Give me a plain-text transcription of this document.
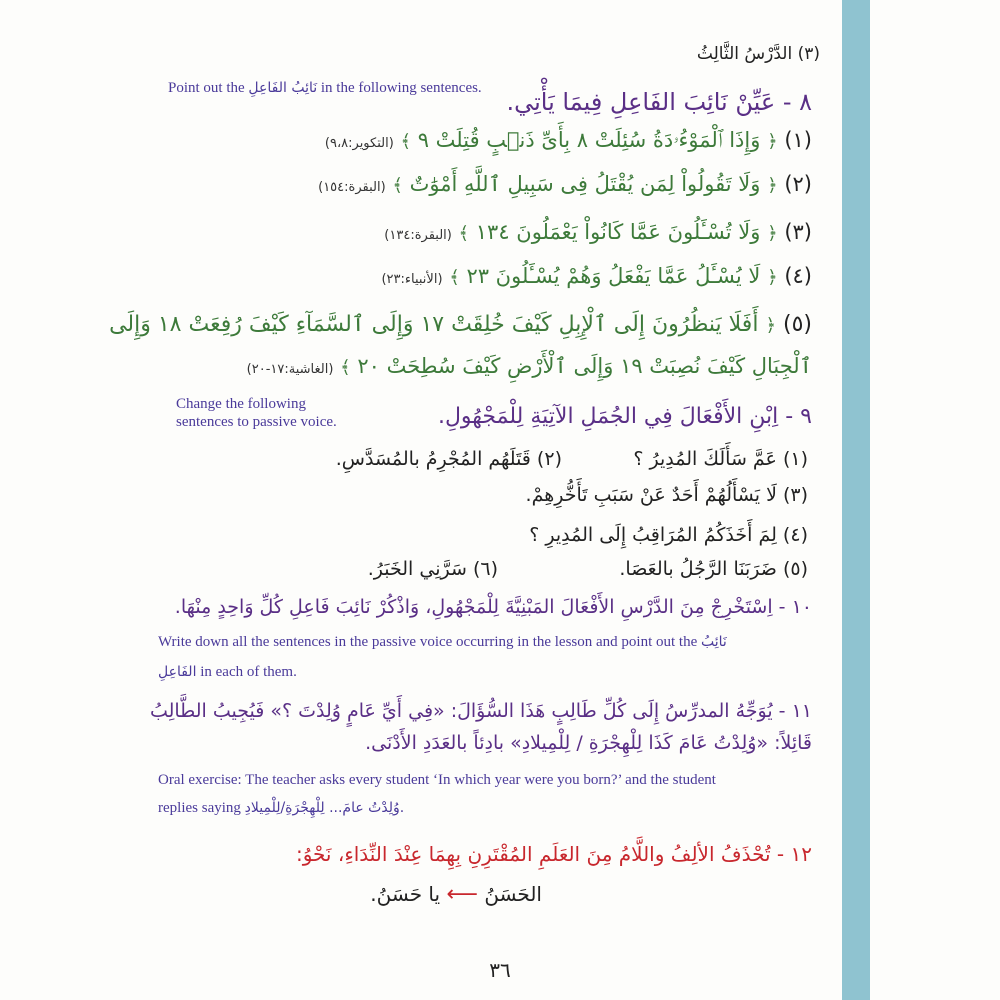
(٣) الدَّرْسُ الثَّالِثُ
Point out the نَائِبُ الفَاعِلِ in the following sentences. ٨ - عَيِّنْ نَائِبَ الفَاعِلِ فِيمَا يَأْتِي.
(١) ﴿ وَإِذَا ٱلْمَوْءُۥدَةُ سُئِلَتْ ٨ بِأَىِّ ذَنۢبٍ قُتِلَتْ ٩ ﴾ (التكوير:٩،٨)
(٢) ﴿ وَلَا تَقُولُواْ لِمَن يُقْتَلُ فِى سَبِيلِ ٱللَّهِ أَمْوَٰتٌ ﴾ (البقرة:١٥٤)
(٣) ﴿ وَلَا تُسْـَٔلُونَ عَمَّا كَانُواْ يَعْمَلُونَ ١٣٤ ﴾ (البقرة:١٣٤)
(٤) ﴿ لَا يُسْـَٔلُ عَمَّا يَفْعَلُ وَهُمْ يُسْـَٔلُونَ ٢٣ ﴾ (الأنبياء:٢٣)
(٥) ﴿ أَفَلَا يَنظُرُونَ إِلَى ٱلْإِبِلِ كَيْفَ خُلِقَتْ ١٧ وَإِلَى ٱلسَّمَآءِ كَيْفَ رُفِعَتْ ١٨ وَإِلَى
ٱلْجِبَالِ كَيْفَ نُصِبَتْ ١٩ وَإِلَى ٱلْأَرْضِ كَيْفَ سُطِحَتْ ٢٠ ﴾ (الغاشية:١٧-٢٠)
Change the following
sentences to passive voice.	٩ - اِبْنِ الأَفْعَالَ فِي الجُمَلِ الآتِيَةِ لِلْمَجْهُولِ.
(١) عَمَّ سَأَلَكَ المُدِيرُ ؟
(٢) قَتَلَهُم المُجْرِمُ بالمُسَدَّسِ.
(٣) لَا يَسْأَلُهُمْ أَحَدٌ عَنْ سَبَبِ تَأَخُّرِهِمْ.
(٤) لِمَ أَخَذَكُمُ المُرَاقِبُ إِلَى المُدِيرِ ؟
(٥) ضَرَبَنَا الرَّجُلُ بالعَصَا.
(٦) سَرَّنِي الخَبَرُ.
١٠ - اِسْتَخْرِجْ مِنَ الدَّرْسِ الأَفْعَالَ المَبْنِيَّةَ لِلْمَجْهُولِ، وَاذْكُرْ نَائِبَ فَاعِلِ كُلِّ وَاحِدٍ مِنْهَا.
Write down all the sentences in the passive voice occurring in the lesson and point out the نَائِبُ
الفَاعِلِ in each of them.
١١ - يُوَجِّهُ المدرِّسُ إِلَى كُلِّ طَالِبٍ هَذَا السُّؤَالَ: «فِي أَيِّ عَامٍ وُلِدْتَ ؟» فَيُجِيبُ الطَّالِبُ
قَائِلاً: «وُلِدْتُ عَامَ كَذَا لِلْهِجْرَةِ / لِلْمِيلادِ» بادِئاً بالعَدَدِ الأَدْنَى.
Oral exercise: The teacher asks every student ‘In which year were you born?’ and the student
replies saying وُلِدْتُ عامَ... لِلْهِجْرَةِ/لِلْمِيلادِ.
١٢ - تُحْذَفُ الألِفُ واللَّامُ مِنَ العَلَمِ المُقْتَرِنِ بِهِمَا عِنْدَ النِّدَاءِ، نَحْوُ:
الحَسَنُ ⟵ يا حَسَنُ.
٣٦
